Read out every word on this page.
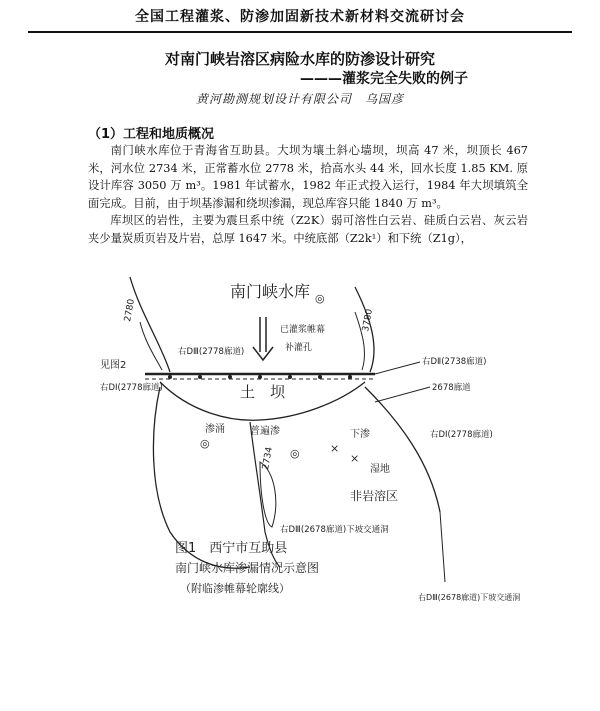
全国工程灌浆、防渗加固新技术新材料交流研讨会
对南门峡岩溶区病险水库的防渗设计研究
———灌浆完全失败的例子
黄河勘测规划设计有限公司　乌国彦
（1）工程和地质概况
南门峡水库位于青海省互助县。大坝为壤土斜心墙坝，坝高 47 米，坝顶长 467 米，河水位 2734 米，正常蓄水位 2778 米，拾高水头 44 米，回水长度 1.85 KM. 原设计库容 3050 万 m³。1981 年试蓄水，1982 年正式投入运行，1984 年大坝填筑全面完成。目前，由于坝基渗漏和绕坝渗漏，现总库容只能 1840 万 m³。
库坝区的岩性，主要为震旦系中统（Z2K）弱可溶性白云岩、硅质白云岩、灰云岩夹少量炭质页岩及片岩，总厚 1647 米。中统底部（Z2k¹）和下统（Z1g），
南门峡水库
土　坝
见图2
2780	3780
2734
已灌浆帷幕
补灌孔
右DⅢ(2778廊道)
右DⅠ(2778廊道)
右DⅡ(2738廊道)
2678廊道
右DⅠ(2778廊道)
渗涌	普遍渗	下渗
湿地
非岩溶区
右DⅢ(2678廊道)下坡交通洞
右DⅢ(2678廊道)下坡交通洞
◎
◎
◎
×
×
图1　西宁市互助县
南门峡水库渗漏情况示意图
（附临渗帷幕轮廓线）
